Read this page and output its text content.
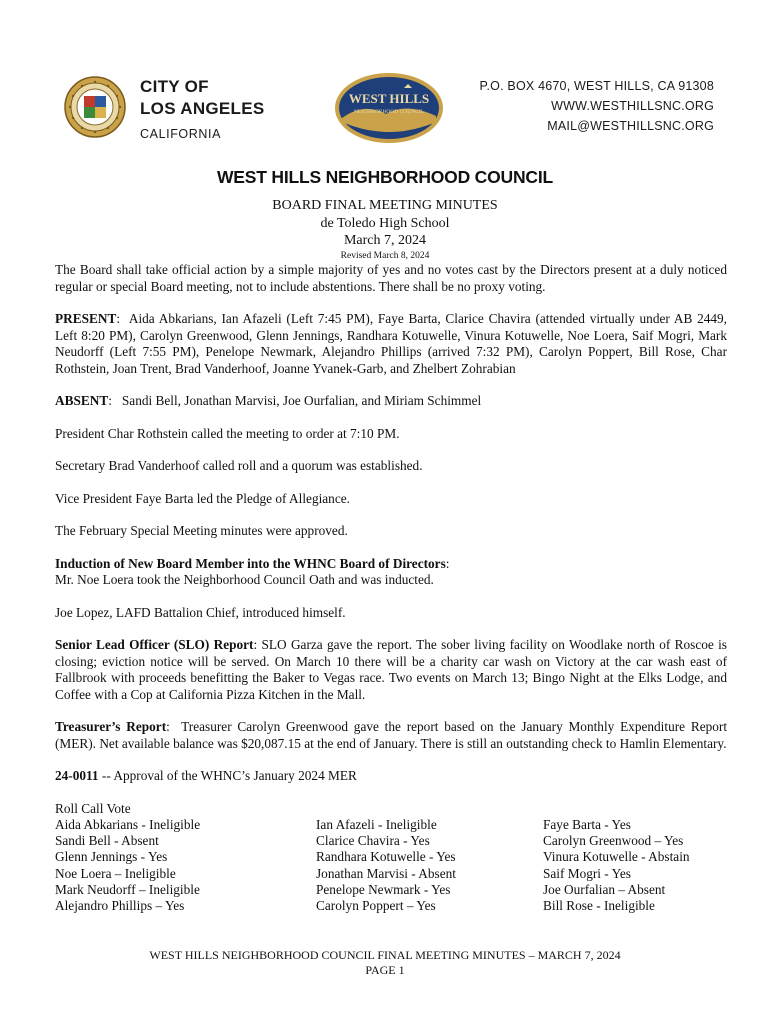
CITY OF
LOS ANGELES
CALIFORNIA
WEST HILLS
NEIGHBORHOOD COUNCIL
P.O. BOX 4670, WEST HILLS, CA 91308
WWW.WESTHILLSNC.ORG
MAIL@WESTHILLSNC.ORG
WEST HILLS NEIGHBORHOOD COUNCIL
BOARD FINAL MEETING MINUTES
de Toledo High School
March 7, 2024
Revised March 8, 2024

The Board shall take official action by a simple majority of yes and no votes cast by the Directors present at a duly noticed regular or special Board meeting, not to include abstentions. There shall be no proxy voting.

PRESENT:  Aida Abkarians, Ian Afazeli (Left 7:45 PM), Faye Barta, Clarice Chavira (attended virtually under AB 2449, Left 8:20 PM), Carolyn Greenwood, Glenn Jennings, Randhara Kotuwelle, Vinura Kotuwelle, Noe Loera, Saif Mogri, Mark Neudorff (Left 7:55 PM), Penelope Newmark, Alejandro Phillips (arrived 7:32 PM), Carolyn Poppert, Bill Rose, Char Rothstein, Joan Trent, Brad Vanderhoof, Joanne Yvanek-Garb, and Zhelbert Zohrabian

ABSENT:   Sandi Bell, Jonathan Marvisi, Joe Ourfalian, and Miriam Schimmel

President Char Rothstein called the meeting to order at 7:10 PM.

Secretary Brad Vanderhoof called roll and a quorum was established.

Vice President Faye Barta led the Pledge of Allegiance.

The February Special Meeting minutes were approved.

Induction of New Board Member into the WHNC Board of Directors:
Mr. Noe Loera took the Neighborhood Council Oath and was inducted.

Joe Lopez, LAFD Battalion Chief, introduced himself.

Senior Lead Officer (SLO) Report: SLO Garza gave the report. The sober living facility on Woodlake north of Roscoe is closing; eviction notice will be served. On March 10 there will be a charity car wash on Victory at the car wash east of Fallbrook with proceeds benefitting the Baker to Vegas race. Two events on March 13; Bingo Night at the Elks Lodge, and Coffee with a Cop at California Pizza Kitchen in the Mall.

Treasurer’s Report:  Treasurer Carolyn Greenwood gave the report based on the January Monthly Expenditure Report (MER). Net available balance was $20,087.15 at the end of January. There is still an outstanding check to Hamlin Elementary.

24-0011 -- Approval of the WHNC’s January 2024 MER

Roll Call Vote
Aida Abkarians - Ineligible
Sandi Bell - Absent
Glenn Jennings - Yes
Noe Loera – Ineligible
Mark Neudorff – Ineligible
Alejandro Phillips – Yes
Ian Afazeli - Ineligible
Clarice Chavira - Yes
Randhara Kotuwelle - Yes
Jonathan Marvisi - Absent
Penelope Newmark - Yes
Carolyn Poppert – Yes
Faye Barta - Yes
Carolyn Greenwood – Yes
Vinura Kotuwelle - Abstain
Saif Mogri - Yes
Joe Ourfalian – Absent
Bill Rose - Ineligible
WEST HILLS NEIGHBORHOOD COUNCIL FINAL MEETING MINUTES – MARCH 7, 2024
PAGE 1
